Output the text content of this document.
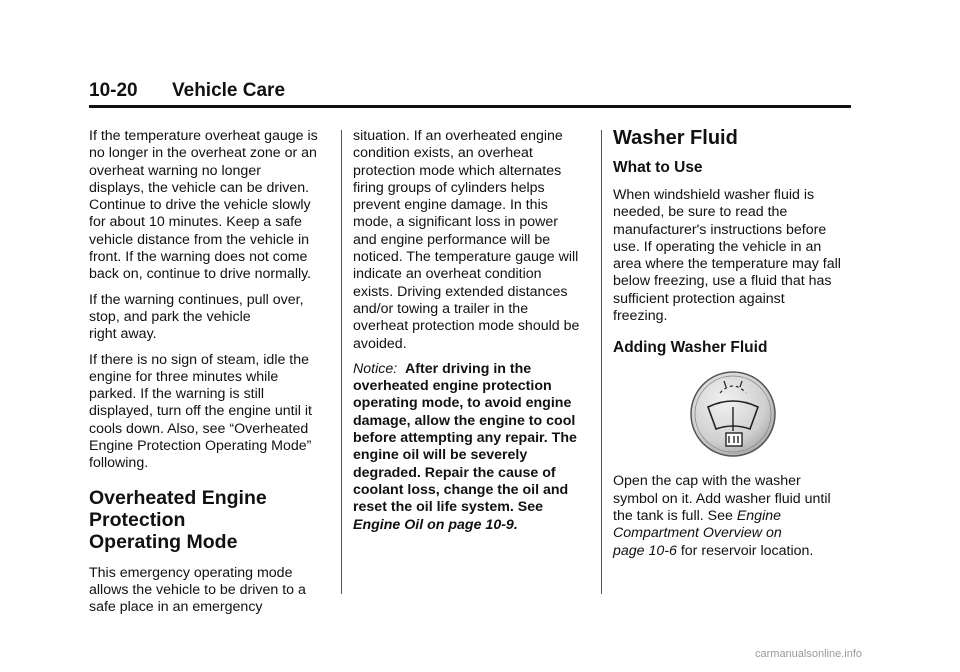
10-20 Vehicle Care

If the temperature overheat gauge is
no longer in the overheat zone or an
overheat warning no longer
displays, the vehicle can be driven.
Continue to drive the vehicle slowly
for about 10 minutes. Keep a safe
vehicle distance from the vehicle in
front. If the warning does not come
back on, continue to drive normally.

If the warning continues, pull over,
stop, and park the vehicle
right away.

If there is no sign of steam, idle the
engine for three minutes while
parked. If the warning is still
displayed, turn off the engine until it
cools down. Also, see “Overheated
Engine Protection Operating Mode”
following.

Overheated Engine
Protection
Operating Mode

This emergency operating mode
allows the vehicle to be driven to a
safe place in an emergency

situation. If an overheated engine
condition exists, an overheat
protection mode which alternates
firing groups of cylinders helps
prevent engine damage. In this
mode, a significant loss in power
and engine performance will be
noticed. The temperature gauge will
indicate an overheat condition
exists. Driving extended distances
and/or towing a trailer in the
overheat protection mode should be
avoided.

Notice: After driving in the
overheated engine protection
operating mode, to avoid engine
damage, allow the engine to cool
before attempting any repair. The
engine oil will be severely
degraded. Repair the cause of
coolant loss, change the oil and
reset the oil life system. See
Engine Oil on page 10-9.

Washer Fluid
What to Use

When windshield washer fluid is
needed, be sure to read the
manufacturer's instructions before
use. If operating the vehicle in an
area where the temperature may fall
below freezing, use a fluid that has
sufficient protection against
freezing.

Adding Washer Fluid

Open the cap with the washer
symbol on it. Add washer fluid until
the tank is full. See Engine
Compartment Overview on
page 10-6 for reservoir location.

carmanualsonline.info
